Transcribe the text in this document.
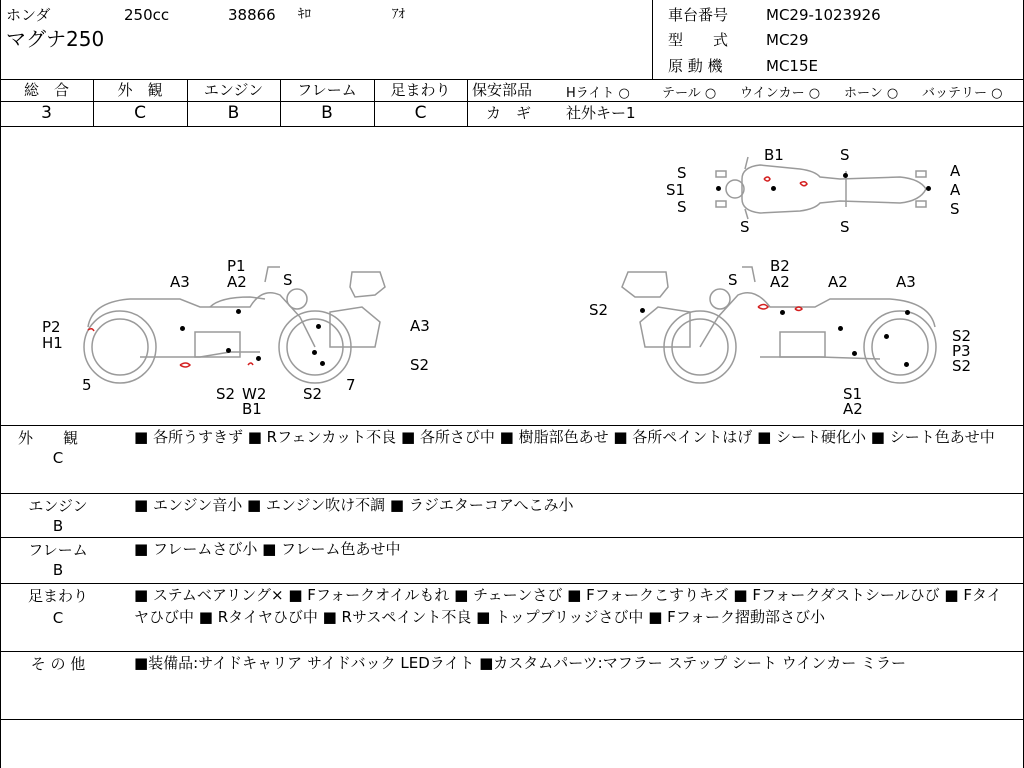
ホンダ	250cc	38866 ｷﾛ	ｱｵ
マグナ250
車台番号	MC29-1023926
型　　式	MC29
原 動 機	MC15E
総　合	外　観	エンジン	フレーム	足まわり
3	C	B	B	C
保安部品	Hライト ○ テール ○ ウインカー ○ ホーン ○ バッテリー ○
カ　ギ 社外キー1
B1	S
S
S1
S
S	S
A
A
S
P1
A2 S
A3
P2
H1
5
A3
S2
S2 W2
B1
S2 7
S
B2
A2	A2	A3
S2
S2
P3
S2
S1
A2
外　　観
C
■ 各所うすきず ■ Rフェンカット不良 ■ 各所さび中 ■ 樹脂部色あせ ■ 各所ペイントはげ ■ シート硬化小 ■ シート色あせ中
エンジン
B
■ エンジン音小 ■ エンジン吹け不調 ■ ラジエターコアへこみ小
フレーム
B
■ フレームさび小 ■ フレーム色あせ中
足まわり
C
■ ステムベアリング× ■ Fフォークオイルもれ ■ チェーンさび ■ Fフォークこすりキズ ■ Fフォークダストシールひび ■ Fタイヤひび中 ■ Rタイヤひび中 ■ Rサスペイント不良 ■ トップブリッジさび中 ■ Fフォーク摺動部さび小
そ の 他	■装備品:サイドキャリア サイドバック LEDライト ■カスタムパーツ:マフラー ステップ シート ウインカー ミラー
